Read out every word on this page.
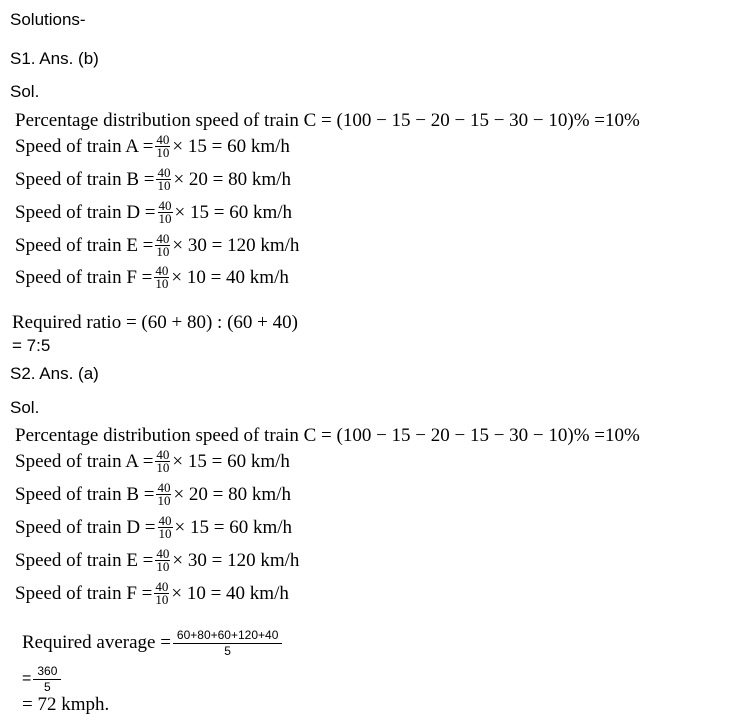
Solutions-
S1. Ans. (b)
Sol.
Percentage distribution speed of train C = (100 − 15 − 20 − 15 − 30 − 10)% =10%
Speed of train $A = \frac{40}{10} \times 15 = 60$ km/h
Speed of train $B = \frac{40}{10} \times 20 = 80$ km/h
Speed of train $D = \frac{40}{10} \times 15 = 60$ km/h
Speed of train $E = \frac{40}{10} \times 30 = 120$ km/h
Speed of train $F = \frac{40}{10} \times 10 = 40$ km/h
Required ratio = (60 + 80) : (60 + 40)
= 7:5
S2. Ans. (a)
Sol.
Percentage distribution speed of train C = (100 − 15 − 20 − 15 − 30 − 10)% =10%
Speed of train $A = \frac{40}{10} \times 15 = 60$ km/h
Speed of train $B = \frac{40}{10} \times 20 = 80$ km/h
Speed of train $D = \frac{40}{10} \times 15 = 60$ km/h
Speed of train $E = \frac{40}{10} \times 30 = 120$ km/h
Speed of train $F = \frac{40}{10} \times 10 = 40$ km/h
Required average = $\frac{60+80+60+120+40}{5}$
= $\frac{360}{5}$
= 72 kmph.
